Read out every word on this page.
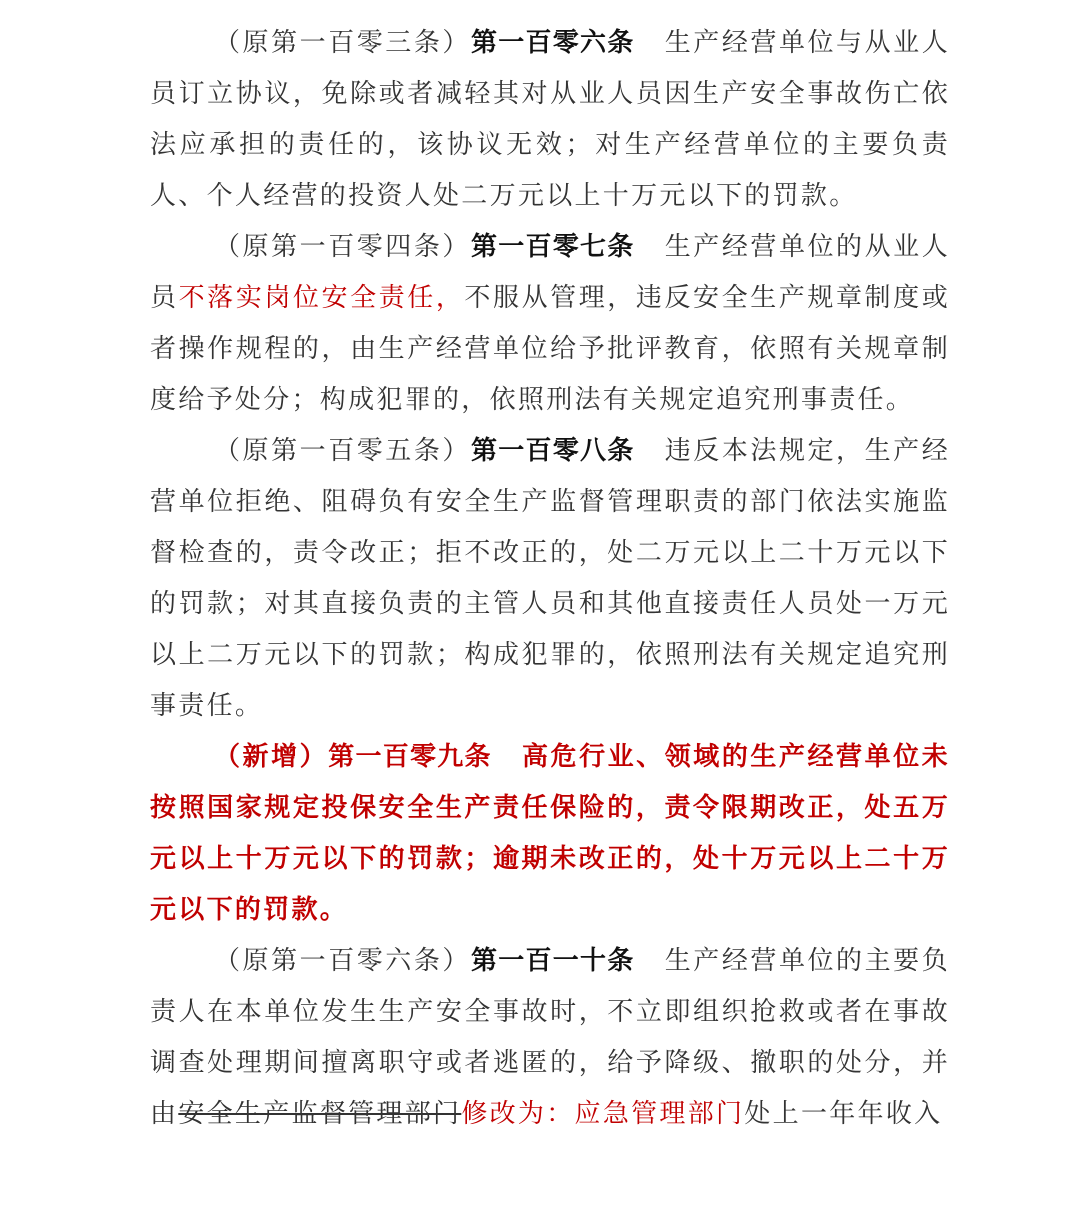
（原第一百零三条）第一百零六条 生产经营单位与从业人员订立协议，免除或者减轻其对从业人员因生产安全事故伤亡依法应承担的责任的，该协议无效；对生产经营单位的主要负责人、个人经营的投资人处二万元以上十万元以下的罚款。

（原第一百零四条）第一百零七条 生产经营单位的从业人员不落实岗位安全责任，不服从管理，违反安全生产规章制度或者操作规程的，由生产经营单位给予批评教育，依照有关规章制度给予处分；构成犯罪的，依照刑法有关规定追究刑事责任。

（原第一百零五条）第一百零八条 违反本法规定，生产经营单位拒绝、阻碍负有安全生产监督管理职责的部门依法实施监督检查的，责令改正；拒不改正的，处二万元以上二十万元以下的罚款；对其直接负责的主管人员和其他直接责任人员处一万元以上二万元以下的罚款；构成犯罪的，依照刑法有关规定追究刑事责任。

（新增）第一百零九条 高危行业、领域的生产经营单位未按照国家规定投保安全生产责任保险的，责令限期改正，处五万元以上十万元以下的罚款；逾期未改正的，处十万元以上二十万元以下的罚款。

（原第一百零六条）第一百一十条 生产经营单位的主要负责人在本单位发生生产安全事故时，不立即组织抢救或者在事故调查处理期间擅离职守或者逃匿的，给予降级、撤职的处分，并由安全生产监督管理部门修改为：应急管理部门处上一年年收入
